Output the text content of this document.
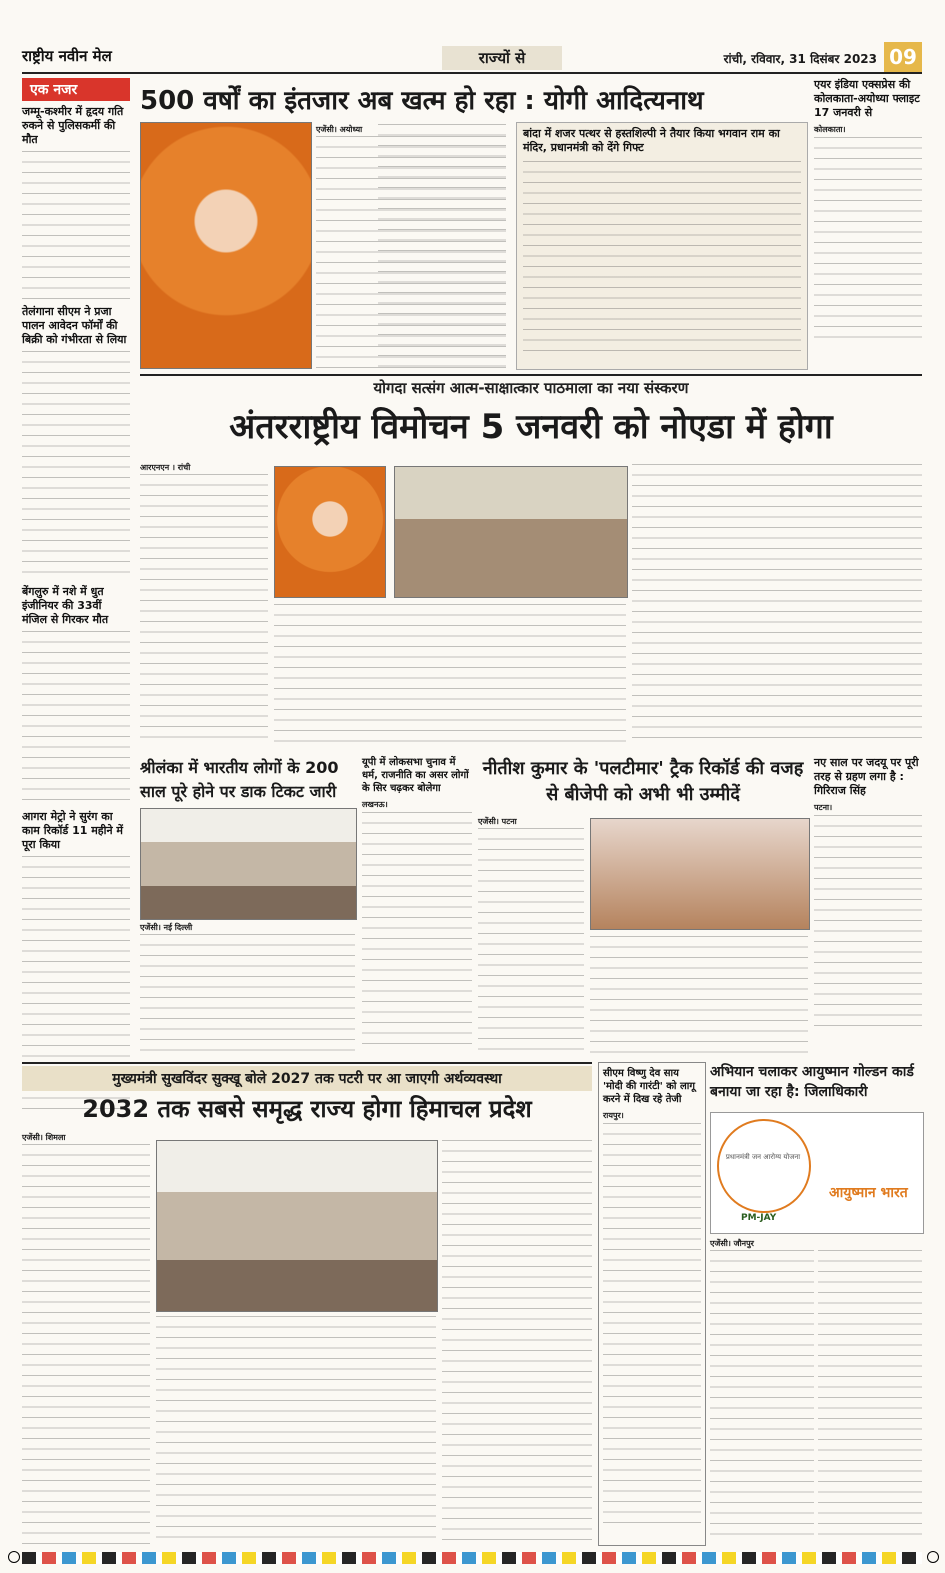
राष्ट्रीय नवीन मेल	राज्यों से	रांची, रविवार, 31 दिसंबर 2023 09
एक नजर
जम्मू-कश्मीर में हृदय गति रुकने से पुलिसकर्मी की मौत
तेलंगाना सीएम ने प्रजा पालन आवेदन फॉर्मों की बिक्री को गंभीरता से लिया
बेंगलुरु में नशे में धुत इंजीनियर की 33वीं मंजिल से गिरकर मौत
आगरा मेट्रो ने सुरंग का काम रिकॉर्ड 11 महीने में पूरा किया
500 वर्षों का इंतजार अब खत्म हो रहा : योगी आदित्यनाथ
एजेंसी। अयोध्या	बांदा में शजर पत्थर से हस्तशिल्पी ने तैयार किया भगवान राम का मंदिर, प्रधानमंत्री को देंगे गिफ्ट
एयर इंडिया एक्सप्रेस की कोलकाता-अयोध्या फ्लाइट 17 जनवरी से
कोलकाता।
योगदा सत्संग आत्म-साक्षात्कार पाठमाला का नया संस्करण
अंतरराष्ट्रीय विमोचन 5 जनवरी को नोएडा में होगा
आरएनएन । रांची
श्रीलंका में भारतीय लोगों के 200 साल पूरे होने पर डाक टिकट जारी
एजेंसी। नई दिल्ली
यूपी में लोकसभा चुनाव में धर्म, राजनीति का असर लोगों के सिर चढ़कर बोलेगा
लखनऊ।
नीतीश कुमार के 'पलटीमार' ट्रैक रिकॉर्ड की वजह से बीजेपी को अभी भी उम्मीदें
एजेंसी। पटना
नए साल पर जदयू पर पूरी तरह से ग्रहण लगा है : गिरिराज सिंह
पटना।
मुख्यमंत्री सुखविंदर सुक्खू बोले 2027 तक पटरी पर आ जाएगी अर्थव्यवस्था
2032 तक सबसे समृद्ध राज्य होगा हिमाचल प्रदेश
एजेंसी। शिमला
सीएम विष्णु देव साय 'मोदी की गारंटी' को लागू करने में दिख रहे तेजी
रायपुर।
अभियान चलाकर आयुष्मान गोल्डन कार्ड बनाया जा रहा है: जिलाधिकारी
प्रधानमंत्री जन आरोग्य योजना
PM-JAY
आयुष्मान भारत
एजेंसी। जौनपुर
